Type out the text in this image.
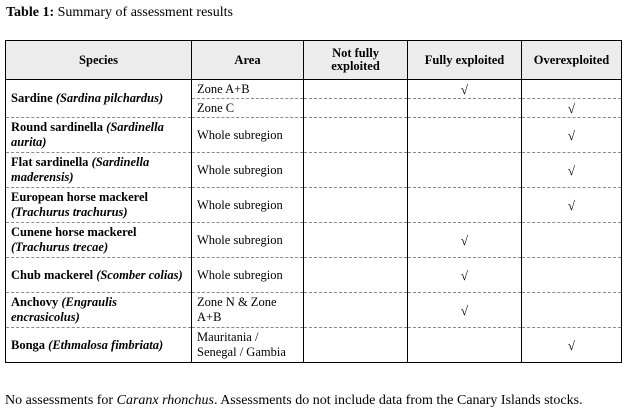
Table 1: Summary of assessment results
Species	Area	Not fully exploited	Fully exploited	Overexploited
Sardine (Sardina pilchardus)	Zone A+B		√	
	Zone C			√
Round sardinella (Sardinella aurita)	Whole subregion			√
Flat sardinella (Sardinella maderensis)	Whole subregion			√
European horse mackerel (Trachurus trachurus)	Whole subregion			√
Cunene horse mackerel (Trachurus trecae)	Whole subregion		√	
Chub mackerel (Scomber colias)	Whole subregion		√	
Anchovy (Engraulis encrasicolus)	Zone N & Zone A+B		√	
Bonga (Ethmalosa fimbriata)	Mauritania / Senegal / Gambia			√
No assessments for Caranx rhonchus. Assessments do not include data from the Canary Islands stocks.
